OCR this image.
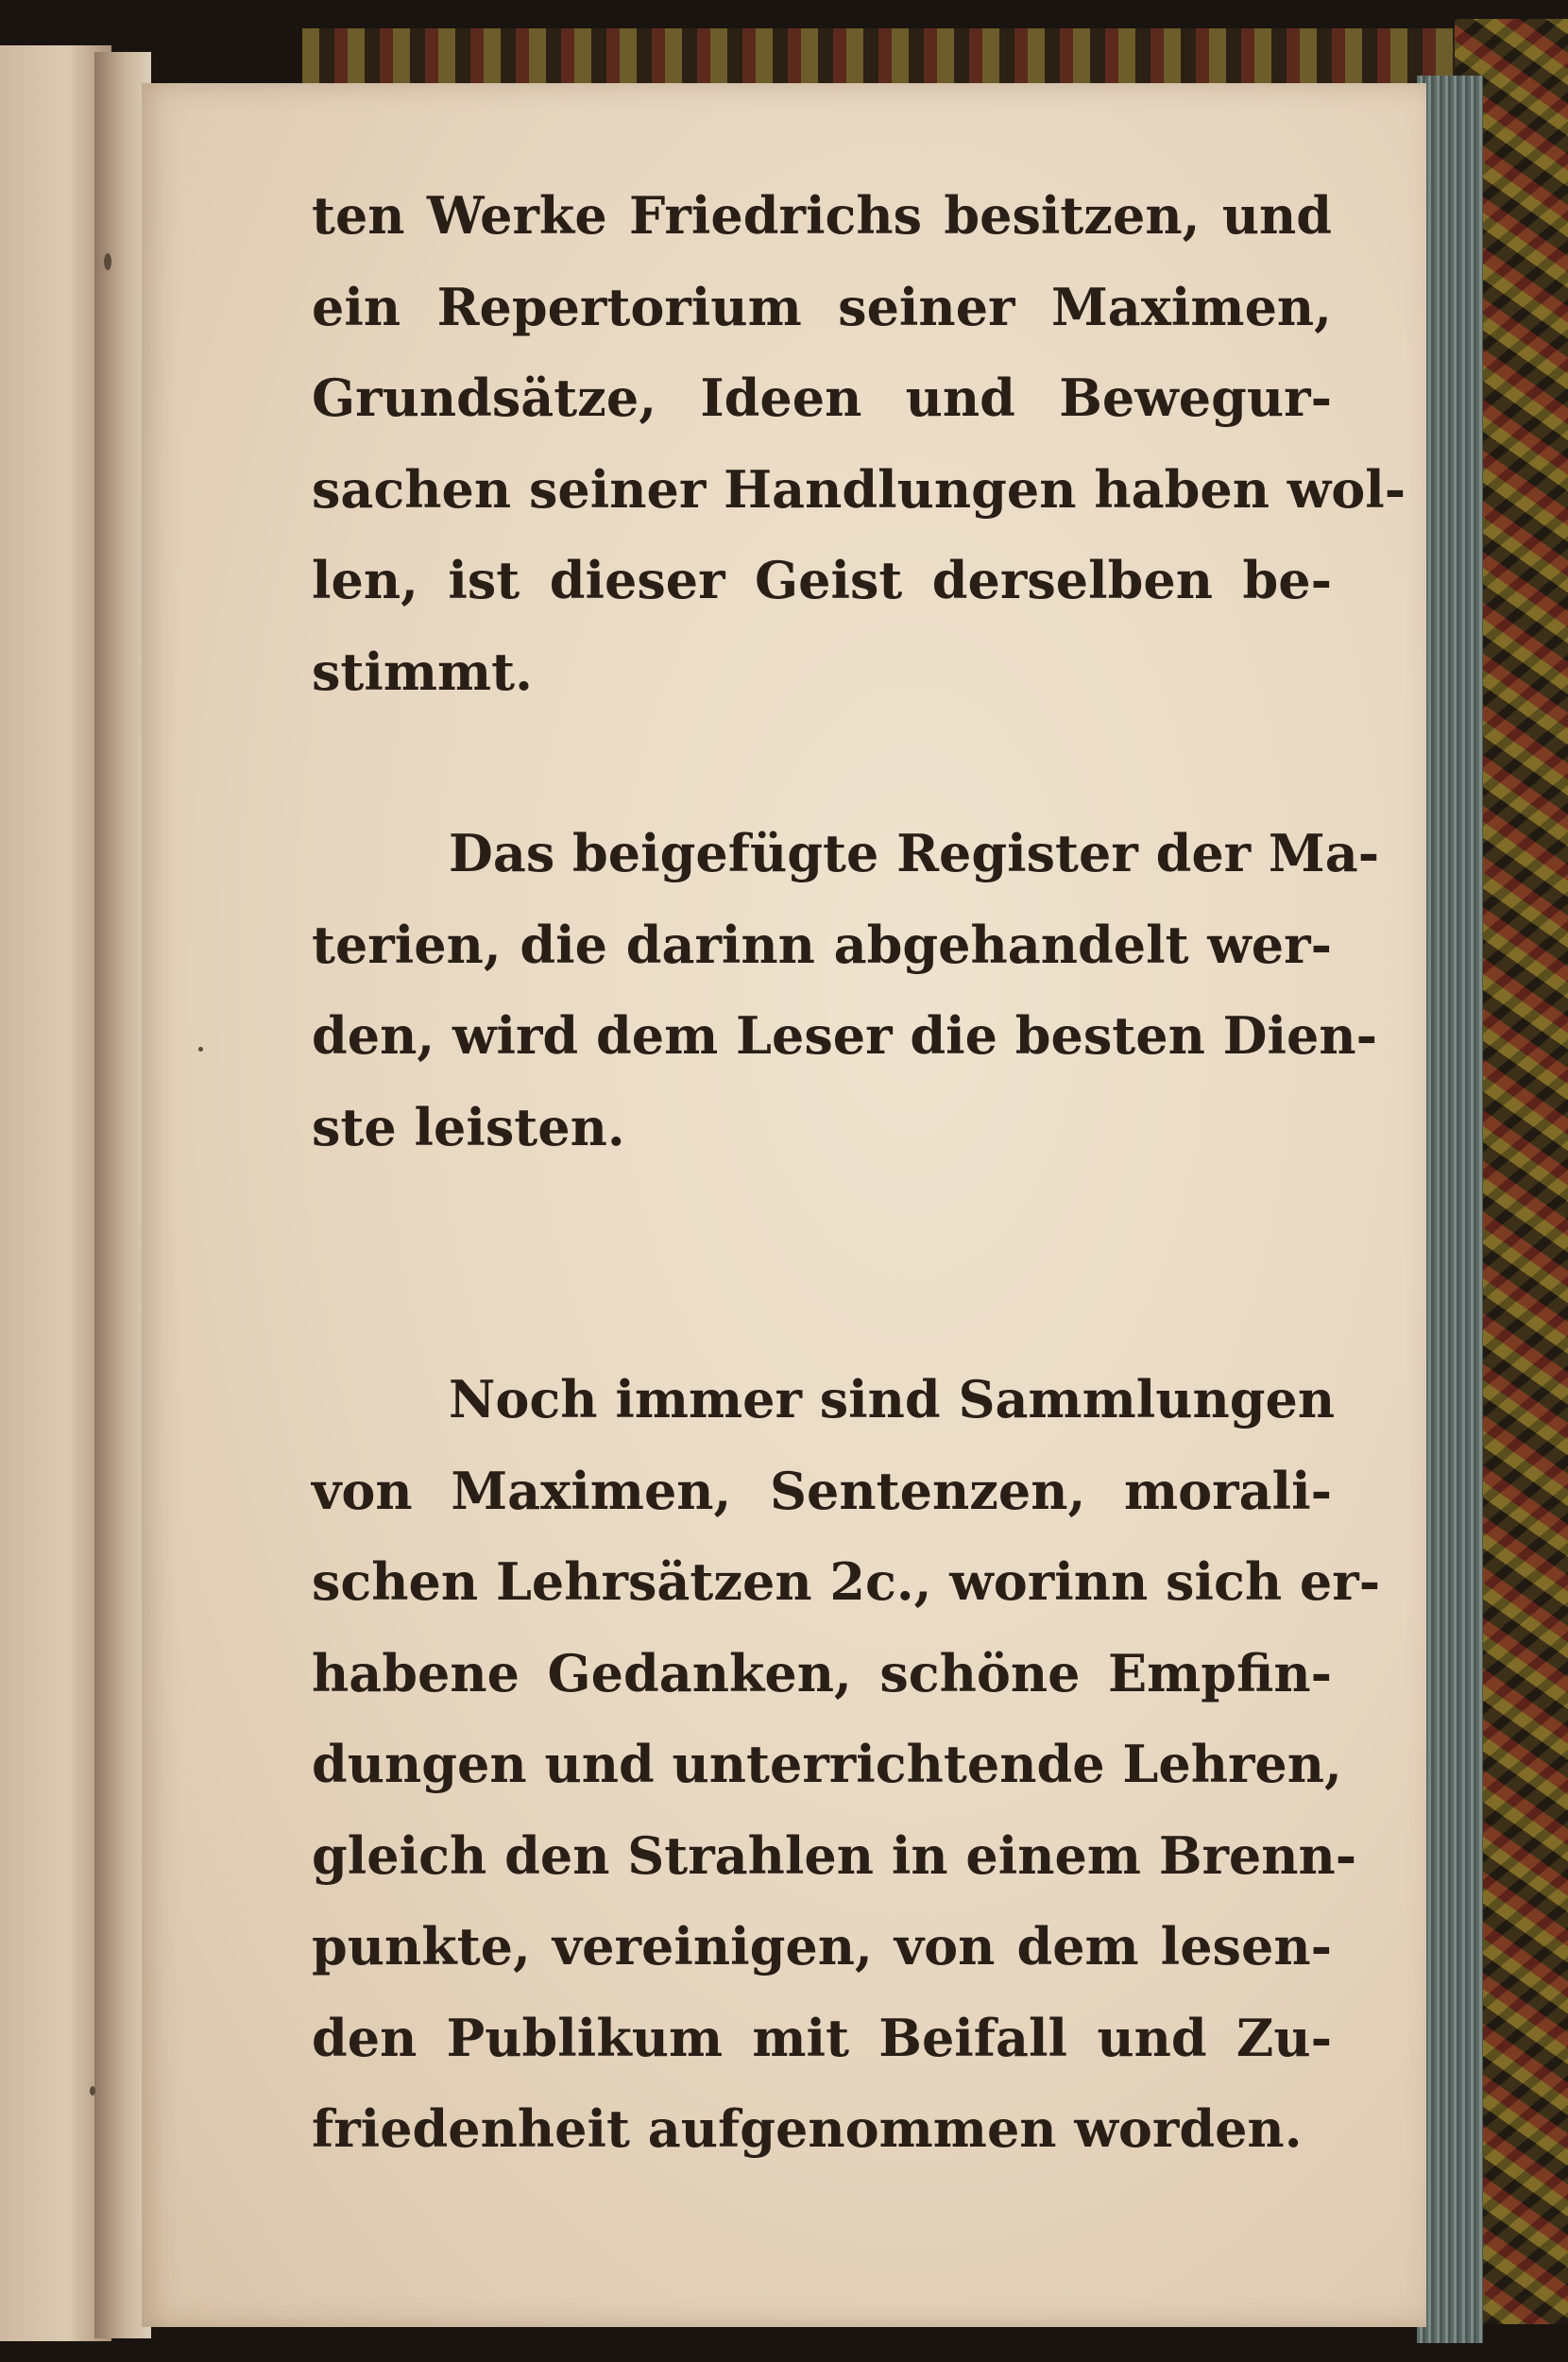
ten Werke Friedrichs besitzen, und
ein Repertorium seiner Maximen,
Grundsätze, Ideen und Bewegur-
sachen seiner Handlungen haben wol-
len, ist dieser Geist derselben be-
stimmt.
Das beigefügte Register der Ma-
terien, die darinn abgehandelt wer-
den, wird dem Leser die besten Dien-
ste leisten.
Noch immer sind Sammlungen
von Maximen, Sentenzen, morali-
schen Lehrsätzen 2c., worinn sich er-
habene Gedanken, schöne Empfin-
dungen und unterrichtende Lehren,
gleich den Strahlen in einem Brenn-
punkte, vereinigen, von dem lesen-
den Publikum mit Beifall und Zu-
friedenheit aufgenommen worden.
